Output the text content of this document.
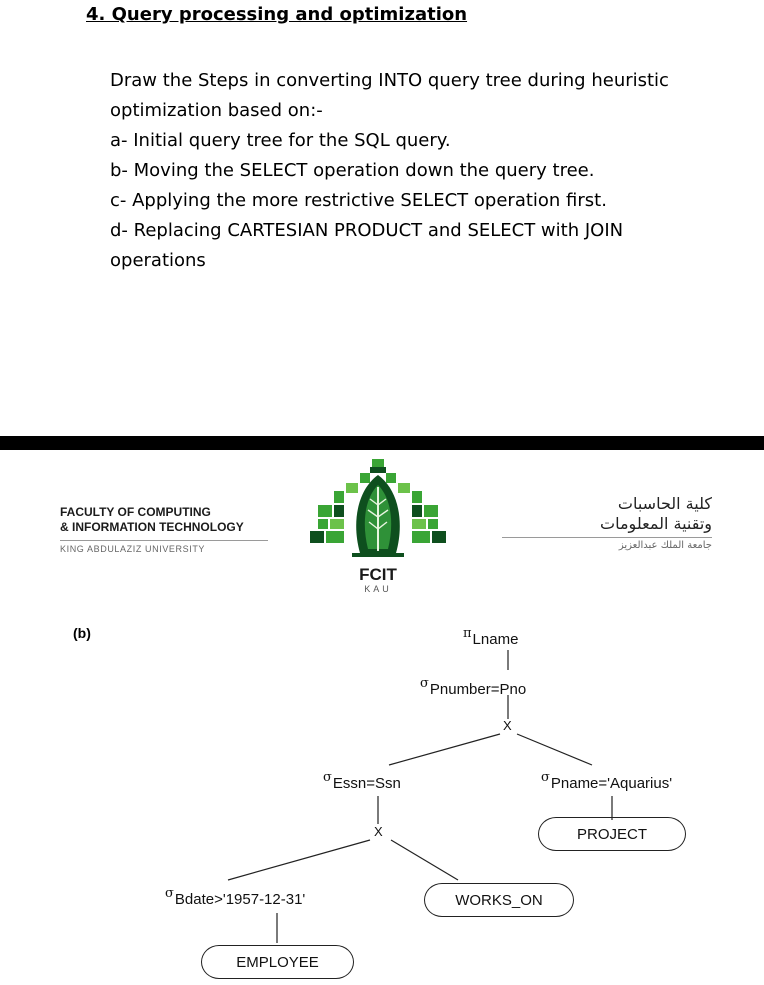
4. Query processing and optimization
Draw the Steps in converting INTO query tree during heuristic
optimization based on:-
a- Initial query tree for the SQL query.
b- Moving the SELECT operation down the query tree.
c- Applying the more restrictive SELECT operation first.
d- Replacing CARTESIAN PRODUCT and SELECT with JOIN
operations
FACULTY OF COMPUTING
& INFORMATION TECHNOLOGY
KING ABDULAZIZ UNIVERSITY
FCIT
KAU
كلية الحاسبات
وتقنية المعلومات
جامعة الملك عبدالعزيز
(b)	πLname
σPnumber=Pno
X
σEssn=Ssn	σPname='Aquarius'
PROJECT
X
σBdate>'1957-12-31'	WORKS_ON
EMPLOYEE
